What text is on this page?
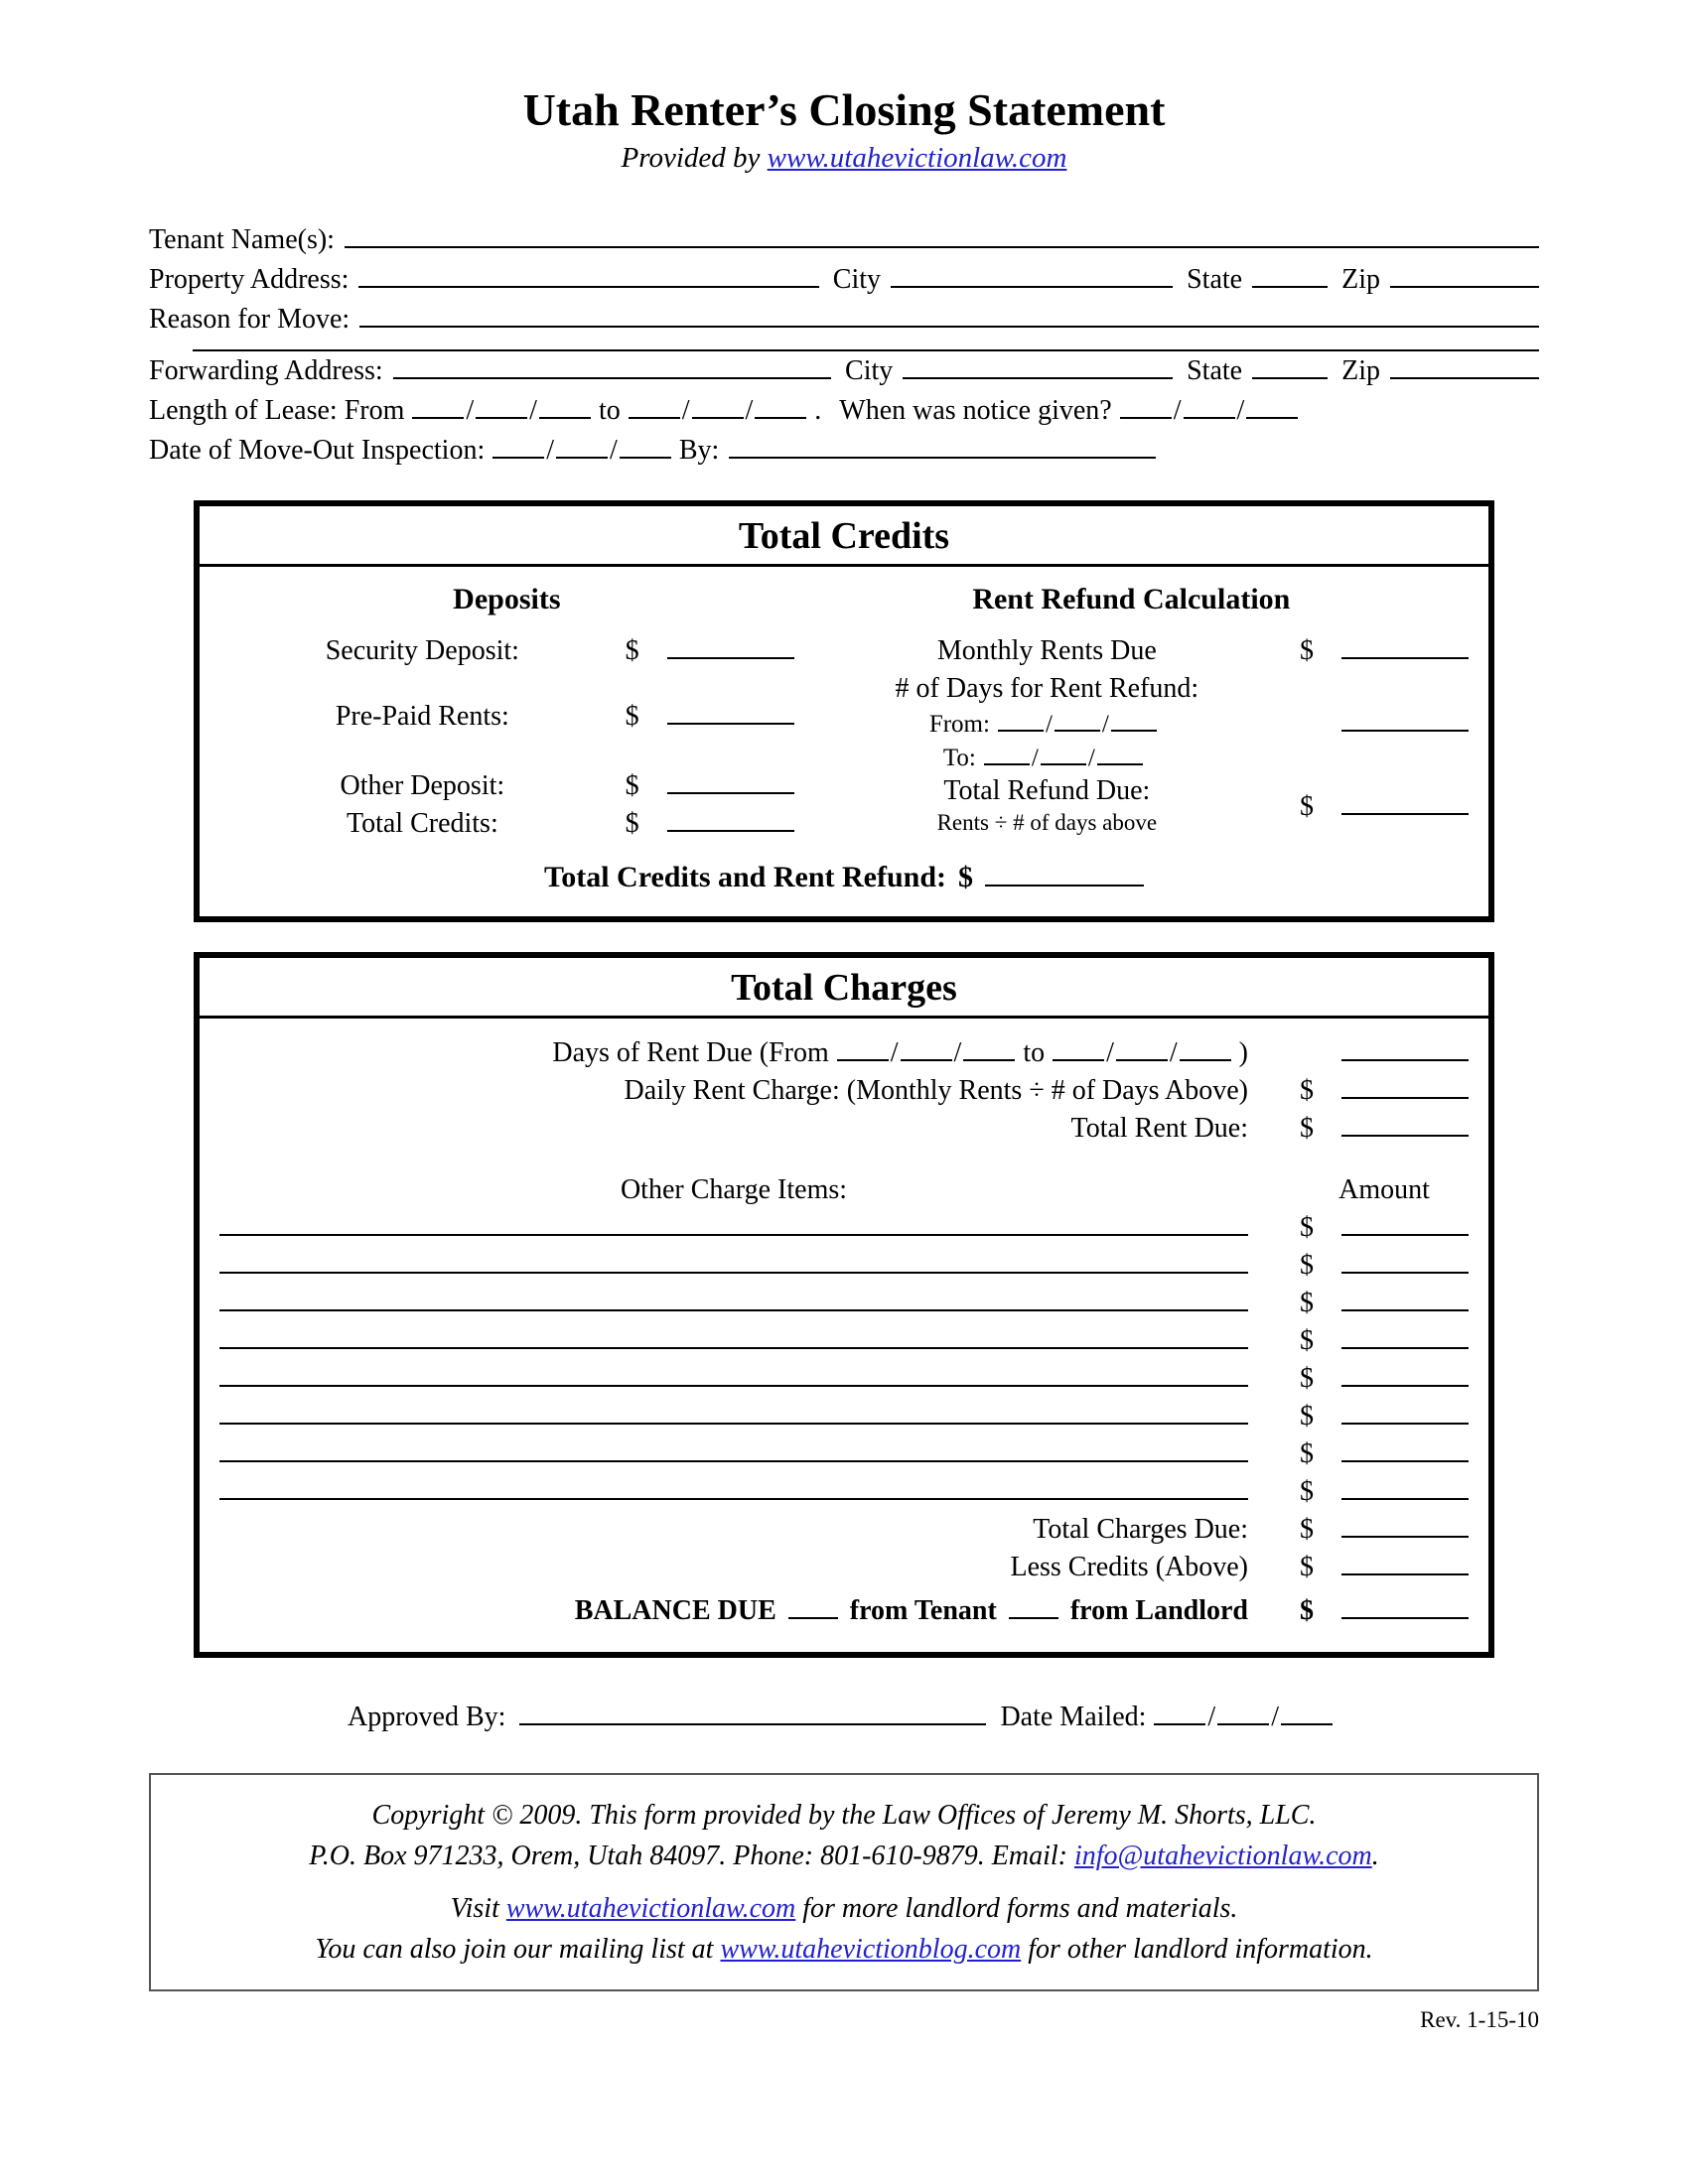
Utah Renter’s Closing Statement
Provided by www.utahevictionlaw.com
Tenant Name(s):
Property Address:	City	State	Zip
Reason for Move:
Forwarding Address:	City	State	Zip
Length of Lease: From	/ /	to	/ /	. When was notice given?	/ /
Date of Move-Out Inspection:	/ /	By:
Total Credits
Deposits
Security Deposit:	$
Pre-Paid Rents:	$
Other Deposit:	$
Total Credits:	$
Rent Refund Calculation
Monthly Rents Due	$
# of Days for Rent Refund:
From: / /
To: / /
Total Refund Due:
Rents ÷ # of days above
$
Total Credits and Rent Refund: $
Total Charges
Days of Rent Due (From / / to / / )
Daily Rent Charge: (Monthly Rents ÷ # of Days Above)	$
Total Rent Due:	$
Other Charge Items:	Amount
$
$
$
$
$
$
$
$
Total Charges Due:	$
Less Credits (Above)	$
BALANCE DUE	from Tenant	from Landlord	$
Approved By:	Date Mailed:	/ /
Copyright © 2009. This form provided by the Law Offices of Jeremy M. Shorts, LLC.
P.O. Box 971233, Orem, Utah 84097. Phone: 801-610-9879. Email: info@utahevictionlaw.com.
Visit www.utahevictionlaw.com for more landlord forms and materials.
You can also join our mailing list at www.utahevictionblog.com for other landlord information.
Rev. 1-15-10
